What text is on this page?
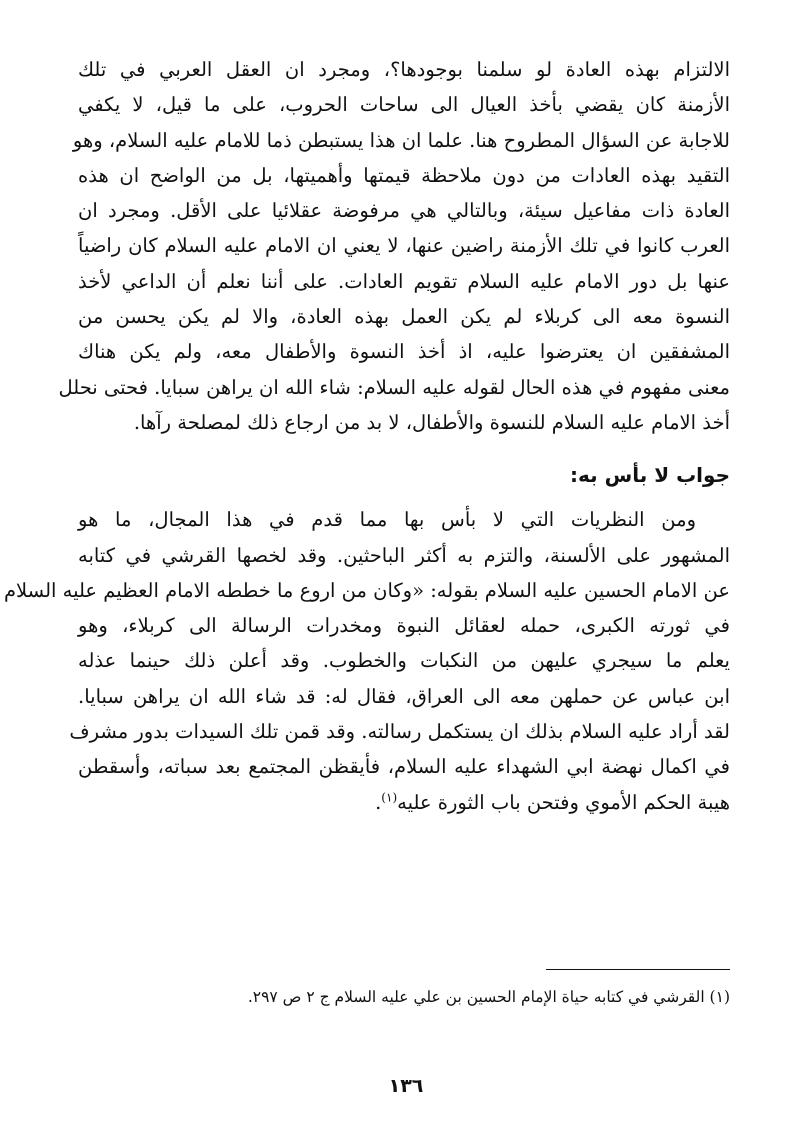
الالتزام بهذه العادة لو سلمنا بوجودها؟، ومجرد ان العقل العربي في تلك
الأزمنة كان يقضي بأخذ العيال الى ساحات الحروب، على ما قيل، لا يكفي
للاجابة عن السؤال المطروح هنا. علما ان هذا يستبطن ذما للامام عليه السلام، وهو
التقيد بهذه العادات من دون ملاحظة قيمتها وأهميتها، بل من الواضح ان هذه
العادة ذات مفاعيل سيئة، وبالتالي هي مرفوضة عقلائيا على الأقل. ومجرد ان
العرب كانوا في تلك الأزمنة راضين عنها، لا يعني ان الامام عليه السلام كان راضياً
عنها بل دور الامام عليه السلام تقويم العادات. على أننا نعلم أن الداعي لأخذ
النسوة معه الى كربلاء لم يكن العمل بهذه العادة، والا لم يكن يحسن من
المشفقين ان يعترضوا عليه، اذ أخذ النسوة والأطفال معه، ولم يكن هناك
معنى مفهوم في هذه الحال لقوله عليه السلام: شاء الله ان يراهن سبايا. فحتى نحلل
أخذ الامام عليه السلام للنسوة والأطفال، لا بد من ارجاع ذلك لمصلحة رآها.

جواب لا بأس به:

ومن النظريات التي لا بأس بها مما قدم في هذا المجال، ما هو
المشهور على الألسنة، والتزم به أكثر الباحثين. وقد لخصها القرشي في كتابه
عن الامام الحسين عليه السلام بقوله: «وكان من اروع ما خططه الامام العظيم عليه السلام
في ثورته الكبرى، حمله لعقائل النبوة ومخدرات الرسالة الى كربلاء، وهو
يعلم ما سيجري عليهن من النكبات والخطوب. وقد أعلن ذلك حينما عذله
ابن عباس عن حملهن معه الى العراق، فقال له: قد شاء الله ان يراهن سبايا.
لقد أراد عليه السلام بذلك ان يستكمل رسالته. وقد قمن تلك السيدات بدور مشرف
في اكمال نهضة ابي الشهداء عليه السلام، فأيقظن المجتمع بعد سباته، وأسقطن
هيبة الحكم الأموي وفتحن باب الثورة عليه$^{(١)}$.

(١) القرشي في كتابه حياة الإمام الحسين بن علي عليه السلام ج ٢ ص ٢٩٧.
١٣٦
